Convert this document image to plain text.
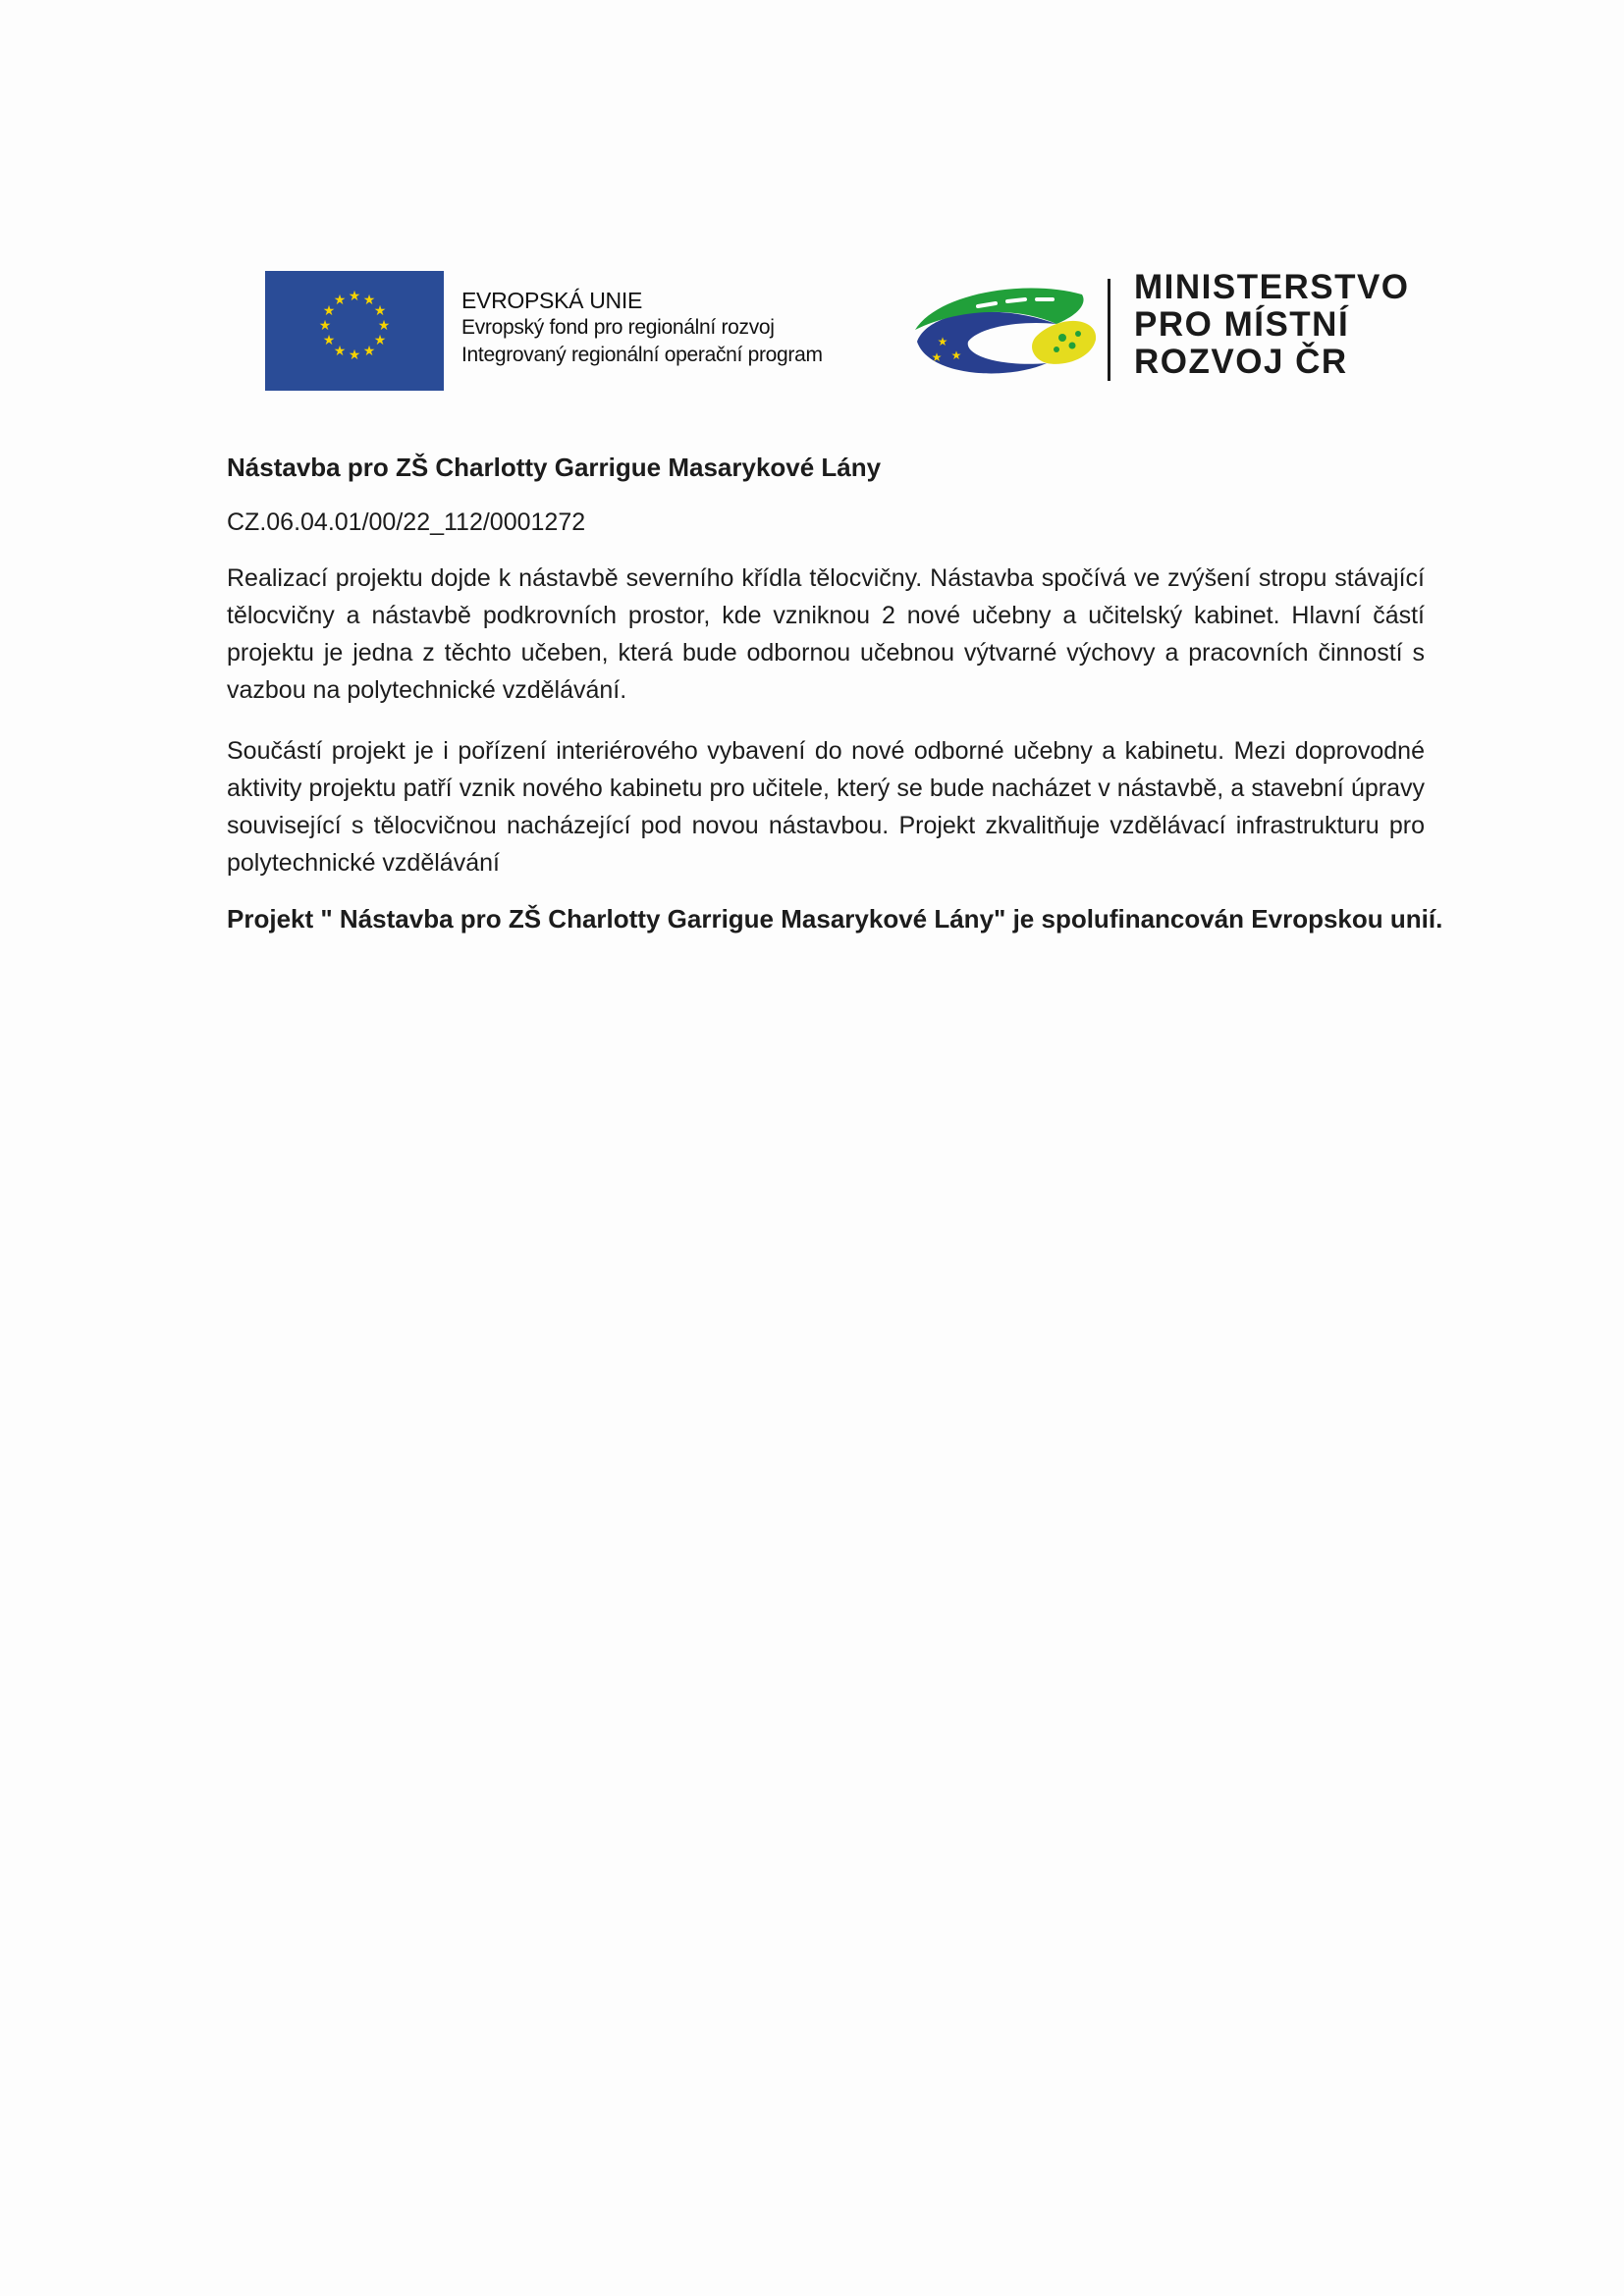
★ ★
★
★
★
★
★
★
★
★
★
★	EVROPSKÁ UNIE
Evropský fond pro regionální rozvoj
Integrovaný regionální operační program
★
★
★
MINISTERSTVO
PRO MÍSTNÍ
ROZVOJ ČR

Nástavba pro ZŠ Charlotty Garrigue Masarykové Lány

CZ.06.04.01/00/22_112/0001272

Realizací projektu dojde k nástavbě severního křídla tělocvičny. Nástavba spočívá ve zvýšení stropu stávající tělocvičny a nástavbě podkrovních prostor, kde vzniknou 2 nové učebny a učitelský kabinet. Hlavní částí projektu je jedna z těchto učeben, která bude odbornou učebnou výtvarné výchovy a pracovních činností s vazbou na polytechnické vzdělávání.

Součástí projekt je i pořízení interiérového vybavení do nové odborné učebny a kabinetu. Mezi doprovodné aktivity projektu patří vznik nového kabinetu pro učitele, který se bude nacházet v nástavbě, a stavební úpravy související s tělocvičnou nacházející pod novou nástavbou. Projekt zkvalitňuje vzdělávací infrastrukturu pro polytechnické vzdělávání

Projekt " Nástavba pro ZŠ Charlotty Garrigue Masarykové Lány" je spolufinancován Evropskou unií.
